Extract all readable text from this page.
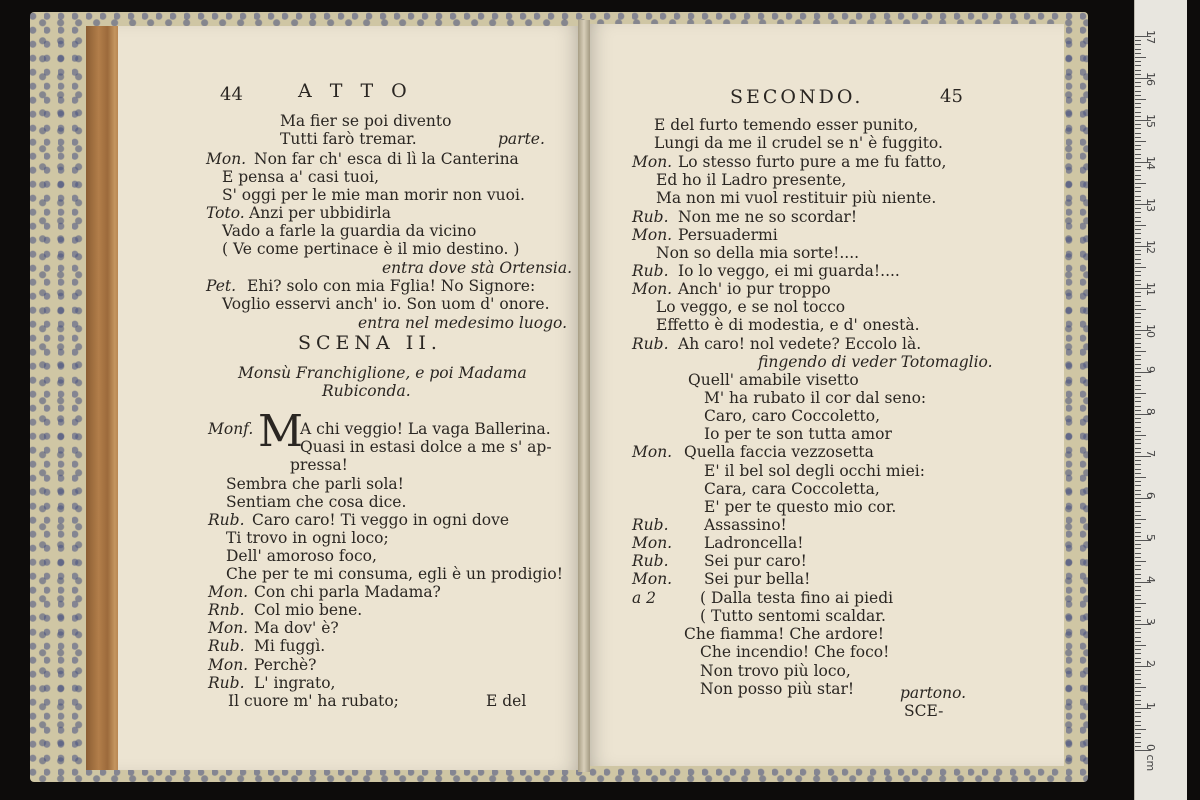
44	A T T O	SECONDO.	45
SCENA II.
Monsù Franchiglione, e poi Madama
Rubiconda.
M
Ma fier se poi divento
Tutti farò tremar.	parte.
Mon. Non far ch' esca di lì la Canterina
E pensa a' casi tuoi,
S' oggi per le mie man morir non vuoi.
Toto. Anzi per ubbidirla
Vado a farle la guardia da vicino
( Ve come pertinace è il mio destino. )
entra dove stà Ortensia.
Pet. Ehi? solo con mia Fglia! No Signore:
Voglio esservi anch' io. Son uom d' onore.
entra nel medesimo luogo.
Monf.	A chi veggio! La vaga Ballerina.
Quasi in estasi dolce a me s' ap-
pressa!
Sembra che parli sola!
Sentiam che cosa dice.
Rub. Caro caro! Ti veggo in ogni dove
Ti trovo in ogni loco;
Dell' amoroso foco,
Che per te mi consuma, egli è un prodigio!
Mon. Con chi parla Madama?
Rnb. Col mio bene.
Mon. Ma dov' è?
Rub. Mi fuggì.
Mon. Perchè?
Rub. L' ingrato,
Il cuore m' ha rubato;	E del
E del furto temendo esser punito,
Lungi da me il crudel se n' è fuggito.
Mon. Lo stesso furto pure a me fu fatto,
Ed ho il Ladro presente,
Ma non mi vuol restituir più niente.
Rub. Non me ne so scordar!
Mon. Persuadermi
Non so della mia sorte!....
Rub. Io lo veggo, ei mi guarda!....
Mon. Anch' io pur troppo
Lo veggo, e se nol tocco
Effetto è di modestia, e d' onestà.
Rub. Ah caro! nol vedete? Eccolo là.
fingendo di veder Totomaglio.
Quell' amabile visetto
M' ha rubato il cor dal seno:
Caro, caro Coccoletto,
Io per te son tutta amor
Mon. Quella faccia vezzosetta
E' il bel sol degli occhi miei:
Cara, cara Coccoletta,
E' per te questo mio cor.
Rub. Assassino!
Mon. Ladroncella!
Rub. Sei pur caro!
Mon. Sei pur bella!
a 2	( Dalla testa fino ai piedi
( Tutto sentomi scaldar.
Che fiamma! Che ardore!
Che incendio! Che foco!
Non trovo più loco,
Non posso più star!	partono.
SCE-
17
16
15
14
13
12
11
10
9
8
7
6
5
4
3
2
1
0 cm
